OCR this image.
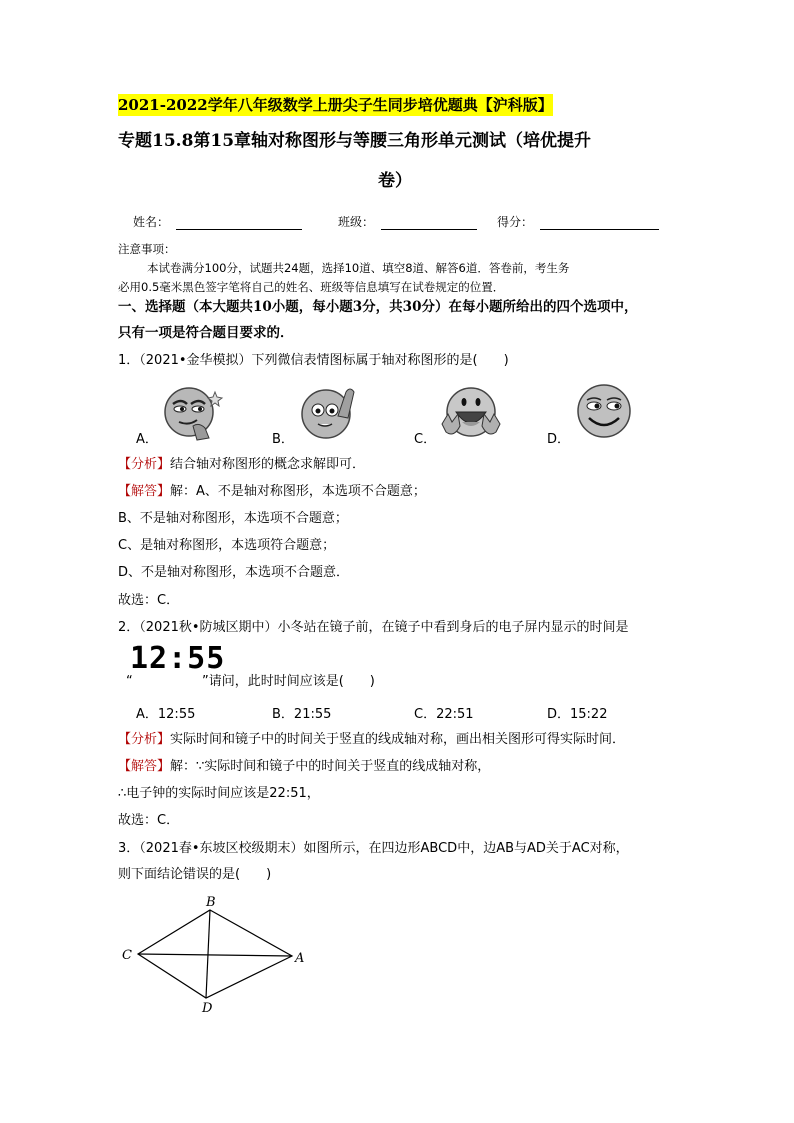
2021-2022学年八年级数学上册尖子生同步培优题典【沪科版】
专题15.8第15章轴对称图形与等腰三角形单元测试（培优提升
卷）
姓名：	班级：	得分：
注意事项：
本试卷满分100分，试题共24题，选择10道、填空8道、解答6道．答卷前，考生务
必用0.5毫米黑色签字笔将自己的姓名、班级等信息填写在试卷规定的位置．
一、选择题（本大题共10小题，每小题3分，共30分）在每小题所给出的四个选项中，
只有一项是符合题目要求的．
1．（2021•金华模拟）下列微信表情图标属于轴对称图形的是(　　)
A．	B．	C．	D．
【分析】结合轴对称图形的概念求解即可．
【解答】解：A、不是轴对称图形，本选项不合题意；
B、不是轴对称图形，本选项不合题意；
C、是轴对称图形，本选项符合题意；
D、不是轴对称图形，本选项不合题意．
故选：C．
2．（2021秋•防城区期中）小冬站在镜子前，在镜子中看到身后的电子屏内显示的时间是
12:55
“	”请问，此时时间应该是(　　)
A．12:55	B．21:55	C．22:51	D．15:22
【分析】实际时间和镜子中的时间关于竖直的线成轴对称，画出相关图形可得实际时间．
【解答】解：∵实际时间和镜子中的时间关于竖直的线成轴对称，
∴电子钟的实际时间应该是22:51，
故选：C．
3．（2021春•东坡区校级期末）如图所示，在四边形ABCD中，边AB与AD关于AC对称，
则下面结论错误的是(　　)
B
C	A
D
